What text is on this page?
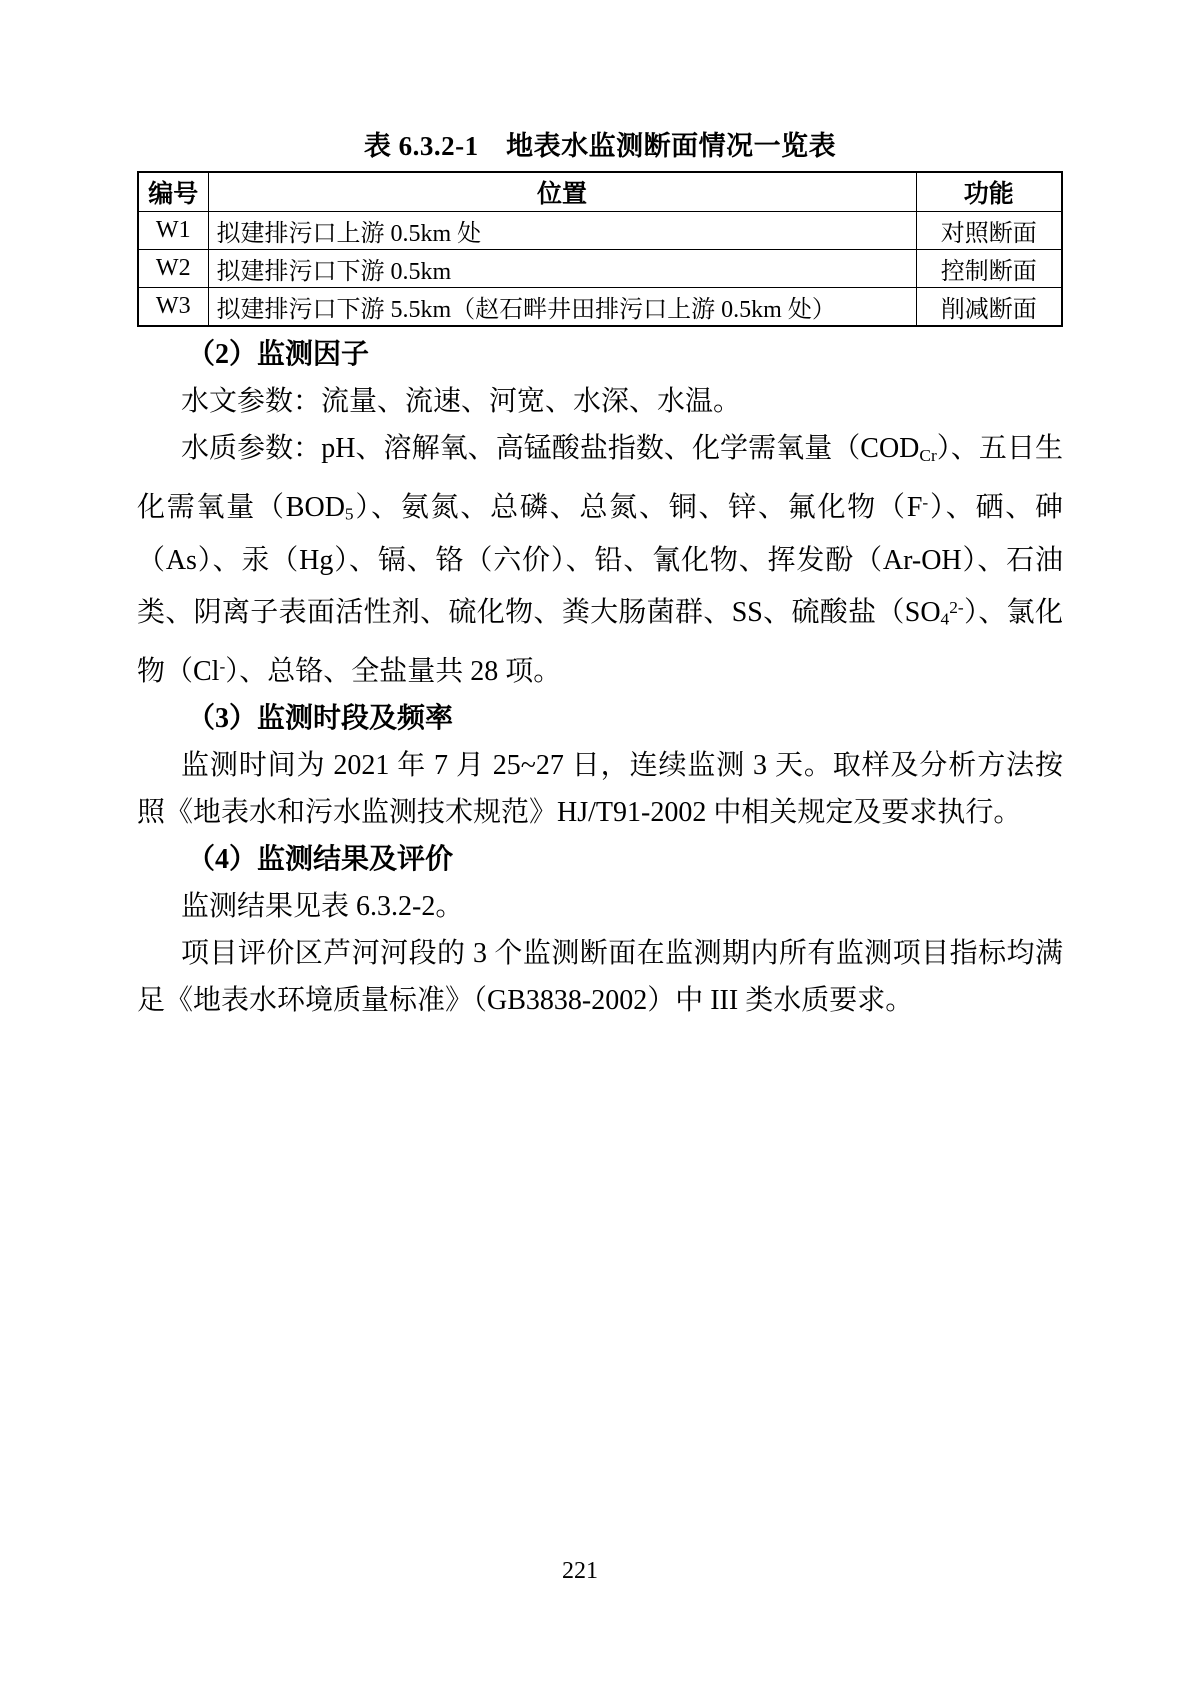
表 6.3.2-1　地表水监测断面情况一览表
编号	位置	功能
W1	拟建排污口上游 0.5km 处	对照断面
W2	拟建排污口下游 0.5km	控制断面
W3	拟建排污口下游 5.5km（赵石畔井田排污口上游 0.5km 处）	削减断面
（2）监测因子
水文参数：流量、流速、河宽、水深、水温。
水质参数：pH、溶解氧、高锰酸盐指数、化学需氧量$(COD_{Cr})$、五日生化需氧量$(BOD_5)$、氨氮、总磷、总氮、铜、锌、氟化物（F-）、硒、砷（As）、汞（Hg）、镉、铬（六价）、铅、氰化物、挥发酚（Ar-OH）、石油类、阴离子表面活性剂、硫化物、粪大肠菌群、SS、硫酸盐$(SO_4^{2-})$、氯化物（Cl-）、总铬、全盐量共 28 项。
（3）监测时段及频率
监测时间为 2021 年 7 月 25~27 日，连续监测 3 天。取样及分析方法按照《地表水和污水监测技术规范》HJ/T91-2002 中相关规定及要求执行。
（4）监测结果及评价
监测结果见表 6.3.2-2。
项目评价区芦河河段的 3 个监测断面在监测期内所有监测项目指标均满足《地表水环境质量标准》（GB3838-2002）中 III 类水质要求。
221
